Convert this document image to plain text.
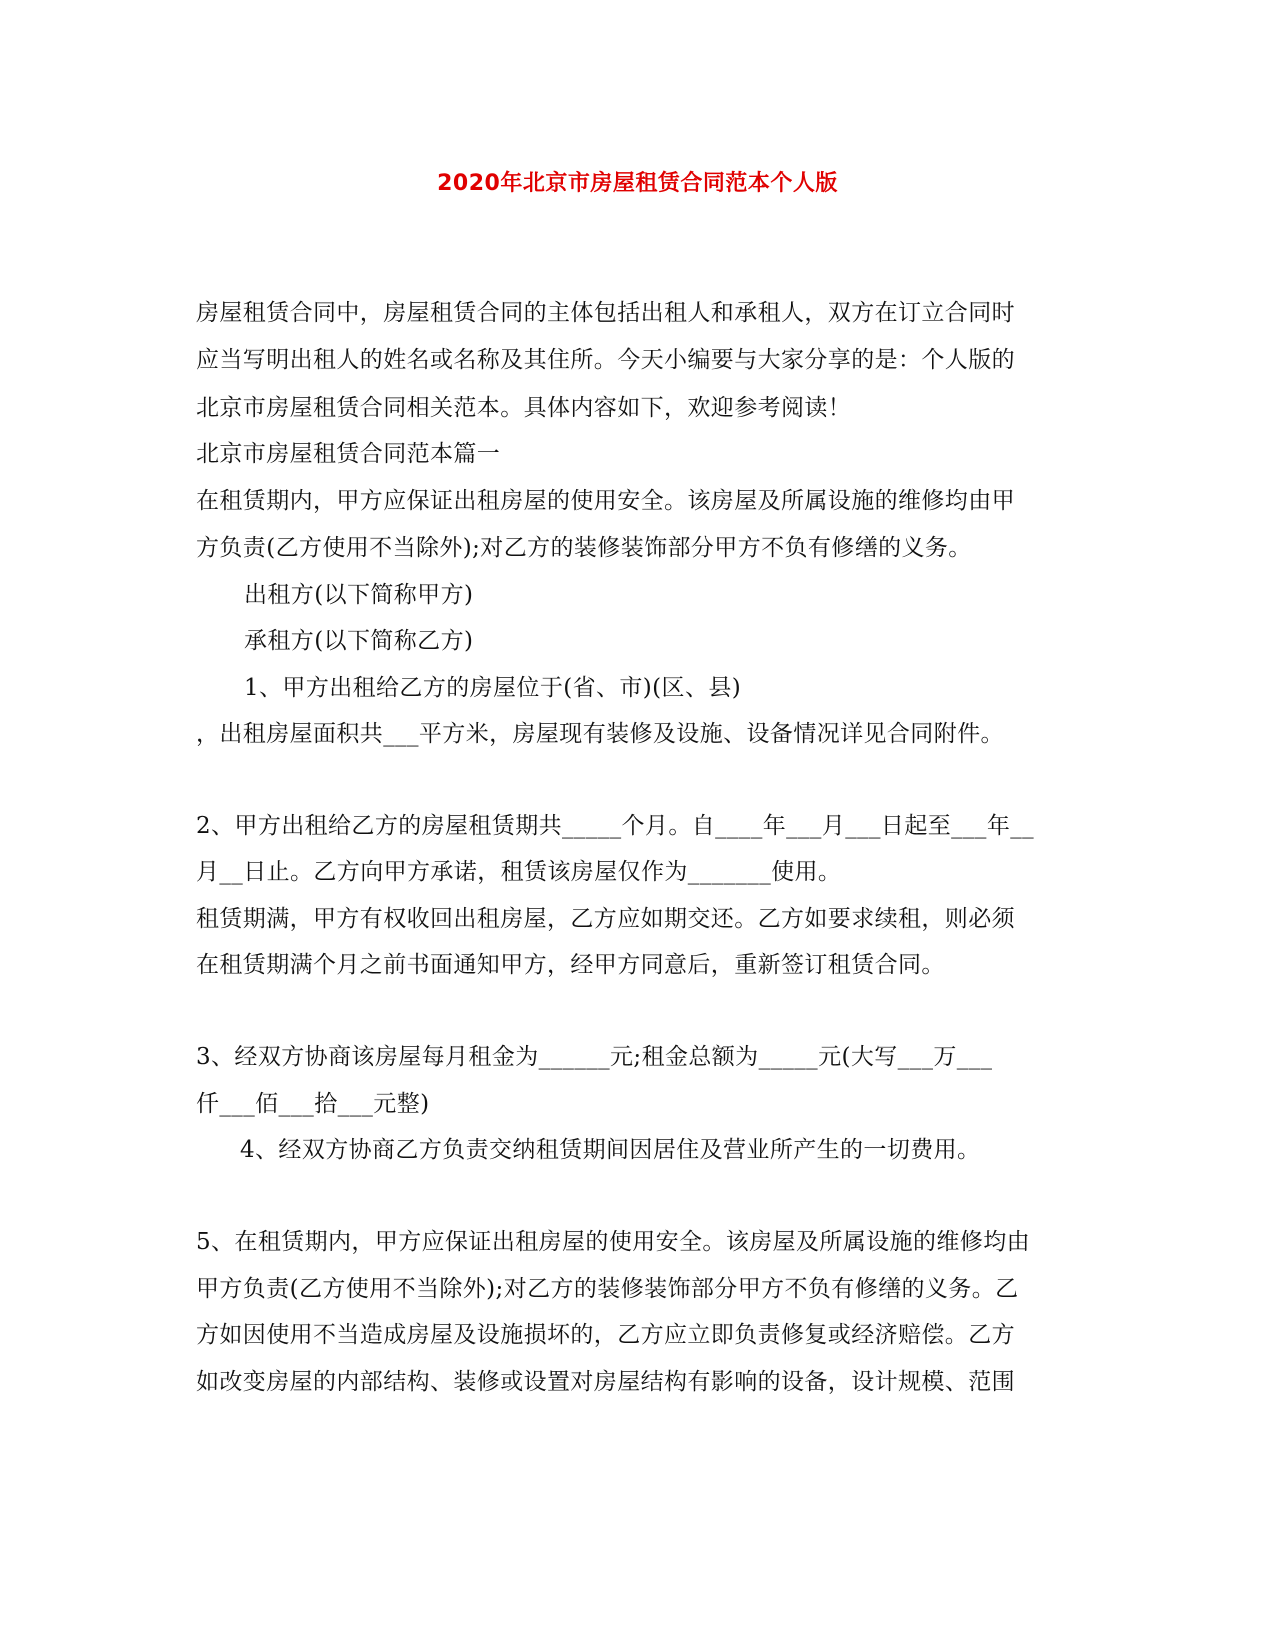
2020年北京市房屋租赁合同范本个人版
房屋租赁合同中，房屋租赁合同的主体包括出租人和承租人，双方在订立合同时
应当写明出租人的姓名或名称及其住所。今天小编要与大家分享的是：个人版的
北京市房屋租赁合同相关范本。具体内容如下，欢迎参考阅读！
北京市房屋租赁合同范本篇一
在租赁期内，甲方应保证出租房屋的使用安全。该房屋及所属设施的维修均由甲
方负责(乙方使用不当除外);对乙方的装修装饰部分甲方不负有修缮的义务。
出租方(以下简称甲方)
承租方(以下简称乙方)
1、甲方出租给乙方的房屋位于(省、市)(区、县)
，出租房屋面积共___平方米，房屋现有装修及设施、设备情况详见合同附件。
2、甲方出租给乙方的房屋租赁期共_____个月。自____年___月___日起至___年__
月__日止。乙方向甲方承诺，租赁该房屋仅作为_______使用。
租赁期满，甲方有权收回出租房屋，乙方应如期交还。乙方如要求续租，则必须
在租赁期满个月之前书面通知甲方，经甲方同意后，重新签订租赁合同。
3、经双方协商该房屋每月租金为______元;租金总额为_____元(大写___万___
仟___佰___拾___元整)
4、经双方协商乙方负责交纳租赁期间因居住及营业所产生的一切费用。
5、在租赁期内，甲方应保证出租房屋的使用安全。该房屋及所属设施的维修均由
甲方负责(乙方使用不当除外);对乙方的装修装饰部分甲方不负有修缮的义务。乙
方如因使用不当造成房屋及设施损坏的，乙方应立即负责修复或经济赔偿。乙方
如改变房屋的内部结构、装修或设置对房屋结构有影响的设备，设计规模、范围
